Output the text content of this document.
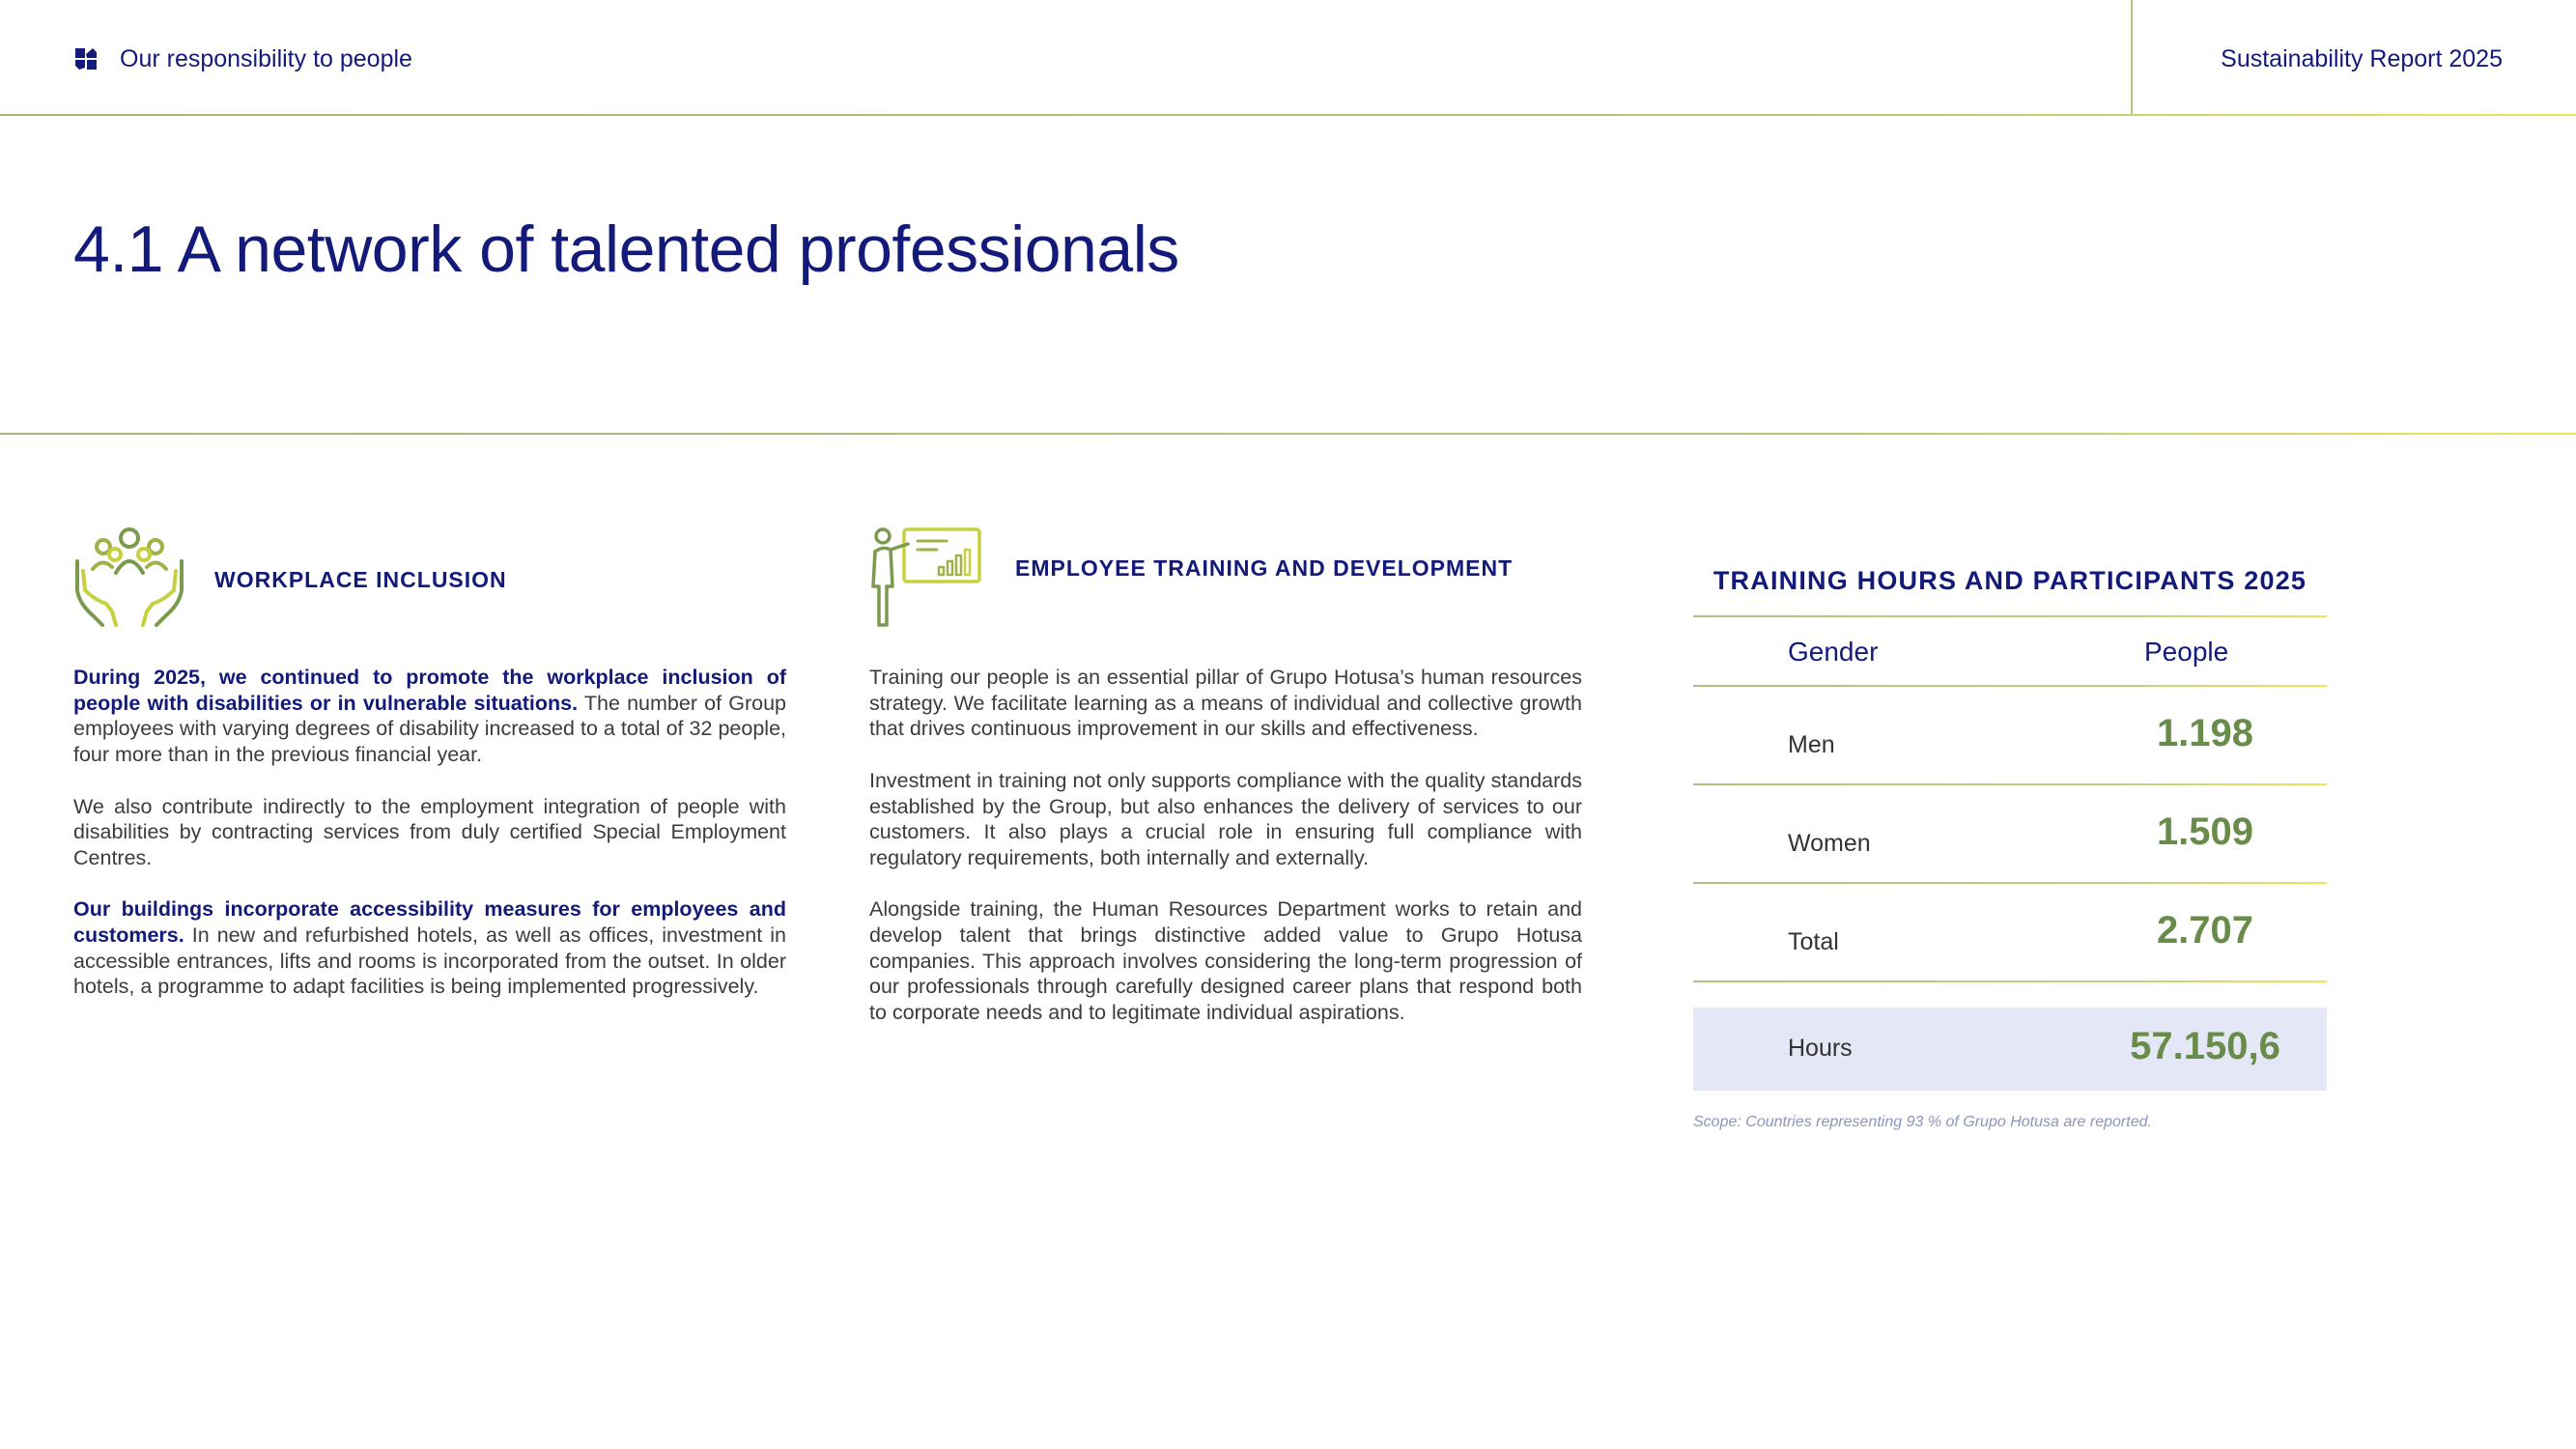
Our responsibility to people	Sustainability Report 2025
4.1 A network of talented professionals
WORKPLACE INCLUSION

During 2025, we continued to promote the workplace inclusion of people with disabilities or in vulnerable situations. The number of Group employees with varying degrees of disability increased to a total of 32 people, four more than in the previous financial year.

We also contribute indirectly to the employment integration of people with disabilities by contracting services from duly certified Special Employment Centres.

Our buildings incorporate accessibility measures for employees and customers. In new and refurbished hotels, as well as offices, investment in accessible entrances, lifts and rooms is incorporated from the outset. In older hotels, a programme to adapt facilities is being implemented progressively.

EMPLOYEE TRAINING AND DEVELOPMENT

Training our people is an essential pillar of Grupo Hotusa’s human resources strategy. We facilitate learning as a means of individual and collective growth that drives continuous improvement in our skills and effectiveness.

Investment in training not only supports compliance with the quality standards established by the Group, but also enhances the delivery of services to our customers. It also plays a crucial role in ensuring full compliance with regulatory requirements, both internally and externally.

Alongside training, the Human Resources Department works to retain and develop talent that brings distinctive added value to Grupo Hotusa companies. This approach involves considering the long-term progression of our professionals through carefully designed career plans that respond both to corporate needs and to legitimate individual aspirations.

TRAINING HOURS AND PARTICIPANTS 2025
Gender	People
Men	1.198
Women	1.509
Total	2.707
Hours	57.150,6
Scope: Countries representing 93 % of Grupo Hotusa are reported.
